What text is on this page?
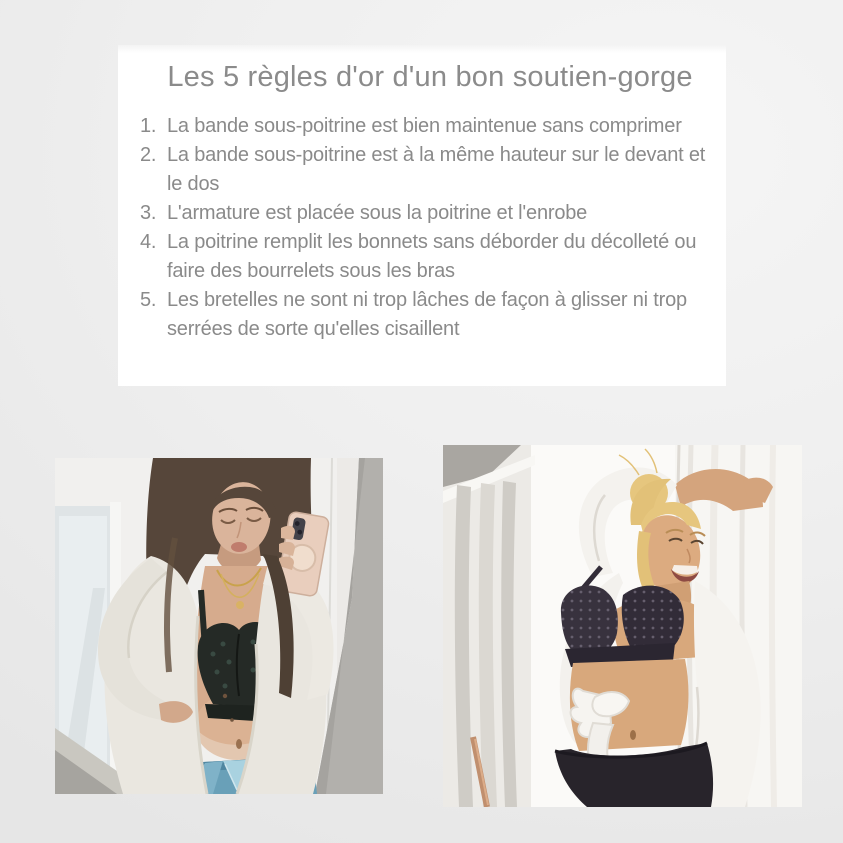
Les 5 règles d'or d'un bon soutien-gorge
1. La bande sous-poitrine est bien maintenue sans comprimer
2. La bande sous-poitrine est à la même hauteur sur le devant et le dos
3. L'armature est placée sous la poitrine et l'enrobe
4. La poitrine remplit les bonnets sans déborder du décolleté ou faire des bourrelets sous les bras
5. Les bretelles ne sont ni trop lâches de façon à glisser ni trop serrées de sorte qu'elles cisaillent
